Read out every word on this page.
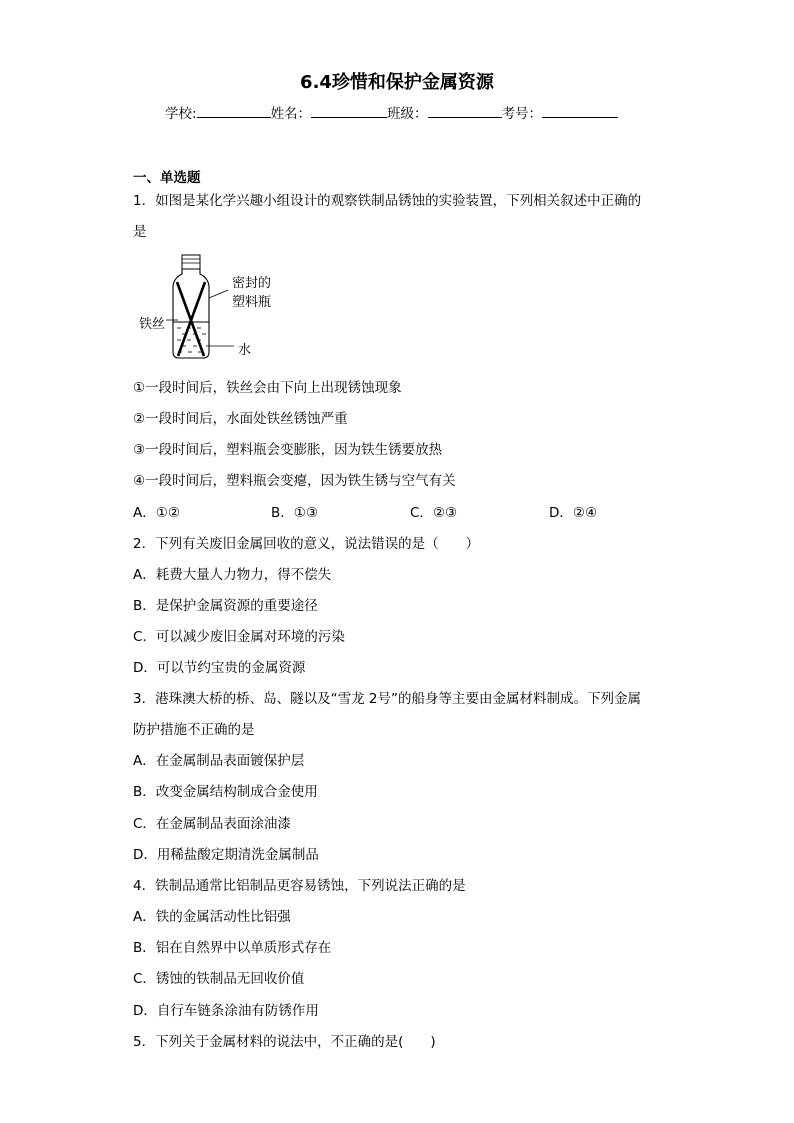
6.4珍惜和保护金属资源
学校:	姓名：	班级：	考号：
一、单选题
1．如图是某化学兴趣小组设计的观察铁制品锈蚀的实验装置，下列相关叙述中正确的
是
密封的
塑料瓶
铁丝
水
①一段时间后，铁丝会由下向上出现锈蚀现象
②一段时间后，水面处铁丝锈蚀严重
③一段时间后，塑料瓶会变膨胀，因为铁生锈要放热
④一段时间后，塑料瓶会变瘪，因为铁生锈与空气有关
A．①②	B．①③	C．②③	D．②④
2．下列有关废旧金属回收的意义，说法错误的是（　　）
A．耗费大量人力物力，得不偿失
B．是保护金属资源的重要途径
C．可以减少废旧金属对环境的污染
D．可以节约宝贵的金属资源
3．港珠澳大桥的桥、岛、隧以及“雪龙 2号”的船身等主要由金属材料制成。下列金属
防护措施不正确的是
A．在金属制品表面镀保护层
B．改变金属结构制成合金使用
C．在金属制品表面涂油漆
D．用稀盐酸定期清洗金属制品
4．铁制品通常比铝制品更容易锈蚀，下列说法正确的是
A．铁的金属活动性比铝强
B．铝在自然界中以单质形式存在
C．锈蚀的铁制品无回收价值
D．自行车链条涂油有防锈作用
5．下列关于金属材料的说法中，不正确的是(　　)
